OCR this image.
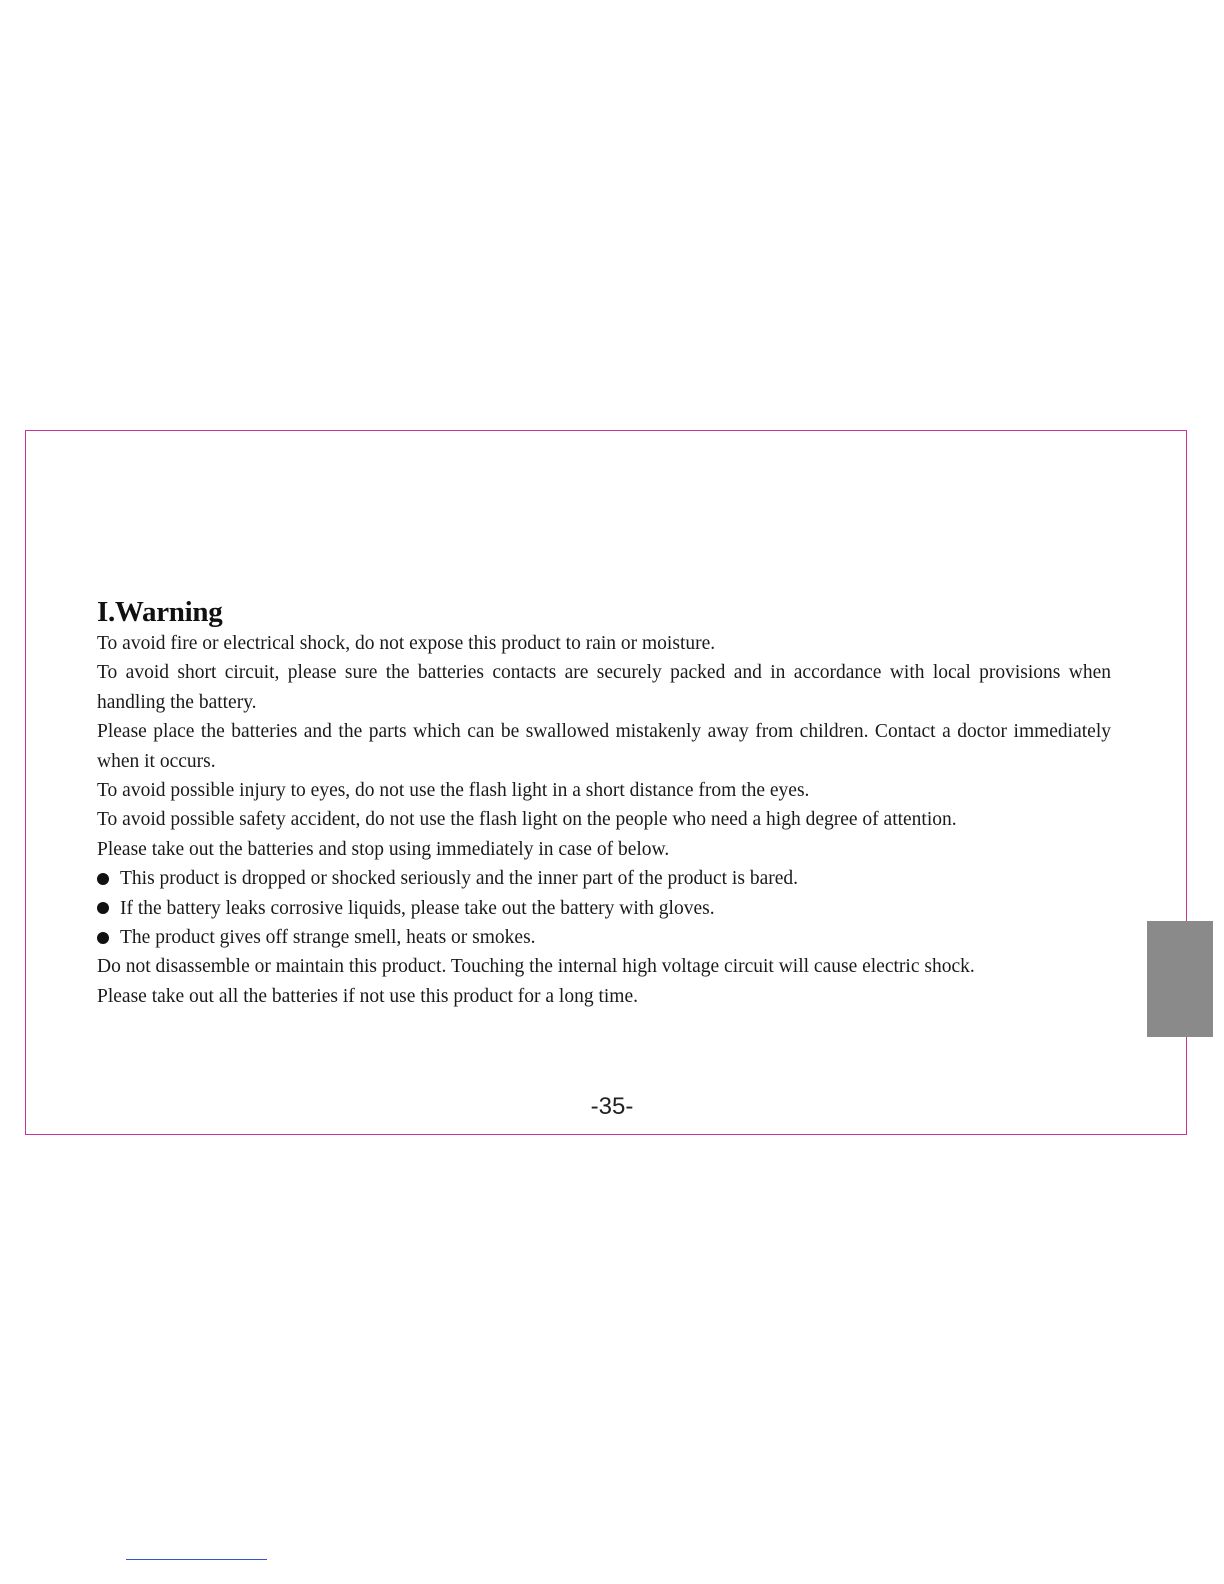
I.Warning

To avoid fire or electrical shock, do not expose this product to rain or moisture.

To avoid short circuit, please sure the batteries contacts are securely packed and in accordance with local provisions when handling the battery.

Please place the batteries and the parts which can be swallowed mistakenly away from children. Contact a doctor immediately when it occurs.

To avoid possible injury to eyes, do not use the flash light in a short distance from the eyes.

To avoid possible safety accident, do not use the flash light on the people who need a high degree of attention.

Please take out the batteries and stop using immediately in case of below.

This product is dropped or shocked seriously and the inner part of the product is bared.
If the battery leaks corrosive liquids, please take out the battery with gloves.
The product gives off strange smell, heats or smokes.

Do not disassemble or maintain this product. Touching the internal high voltage circuit will cause electric shock.

Please take out all the batteries if not use this product for a long time.

-35-
